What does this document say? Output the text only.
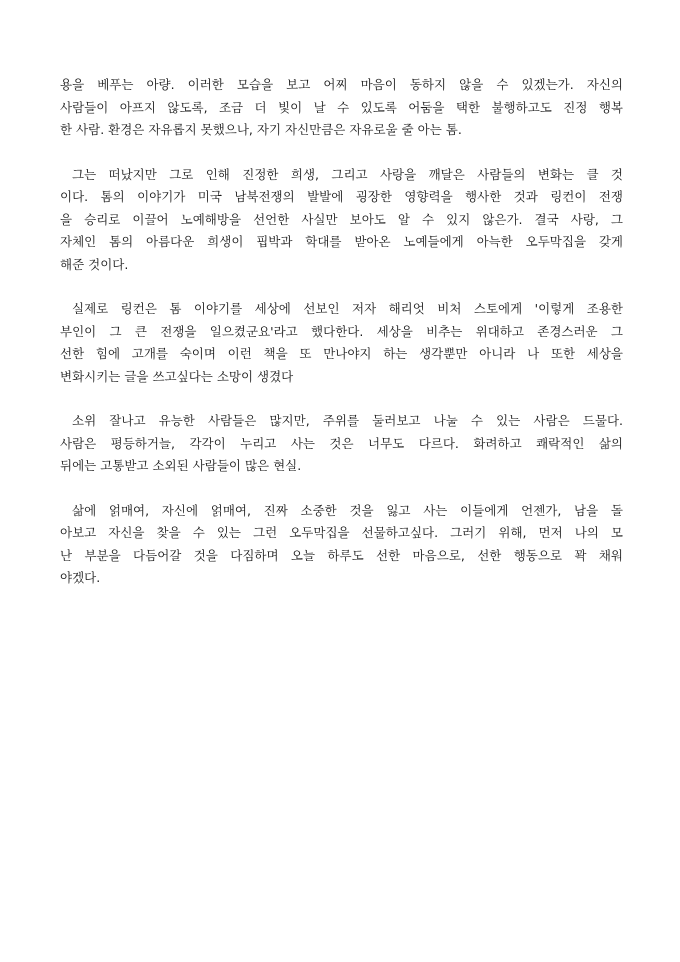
용을 베푸는 아량. 이러한 모습을 보고 어찌 마음이 동하지 않을 수 있겠는가. 자신의
사람들이 아프지 않도록, 조금 더 빛이 날 수 있도록 어둠을 택한 불행하고도 진정 행복
한 사람. 환경은 자유롭지 못했으나, 자기 자신만큼은 자유로울 줄 아는 톰.
그는 떠났지만 그로 인해 진정한 희생, 그리고 사랑을 깨달은 사람들의 변화는 클 것
이다. 톰의 이야기가 미국 남북전쟁의 발발에 굉장한 영향력을 행사한 것과 링컨이 전쟁
을 승리로 이끌어 노예해방을 선언한 사실만 보아도 알 수 있지 않은가. 결국 사랑, 그
자체인 톰의 아름다운 희생이 핍박과 학대를 받아온 노예들에게 아늑한 오두막집을 갖게
해준 것이다.
실제로 링컨은 톰 이야기를 세상에 선보인 저자 해리엇 비처 스토에게 '이렇게 조용한
부인이 그 큰 전쟁을 일으켰군요'라고 했다한다. 세상을 비추는 위대하고 존경스러운 그
선한 힘에 고개를 숙이며 이런 책을 또 만나야지 하는 생각뿐만 아니라 나 또한 세상을
변화시키는 글을 쓰고싶다는 소망이 생겼다
소위 잘나고 유능한 사람들은 많지만, 주위를 둘러보고 나눌 수 있는 사람은 드물다.
사람은 평등하거늘, 각각이 누리고 사는 것은 너무도 다르다. 화려하고 쾌락적인 삶의
뒤에는 고통받고 소외된 사람들이 많은 현실.
삶에 얽매여, 자신에 얽매여, 진짜 소중한 것을 잃고 사는 이들에게 언젠가, 남을 돌
아보고 자신을 찾을 수 있는 그런 오두막집을 선물하고싶다. 그러기 위해, 먼저 나의 모
난 부분을 다듬어갈 것을 다짐하며 오늘 하루도 선한 마음으로, 선한 행동으로 꽉 채워
야겠다.
